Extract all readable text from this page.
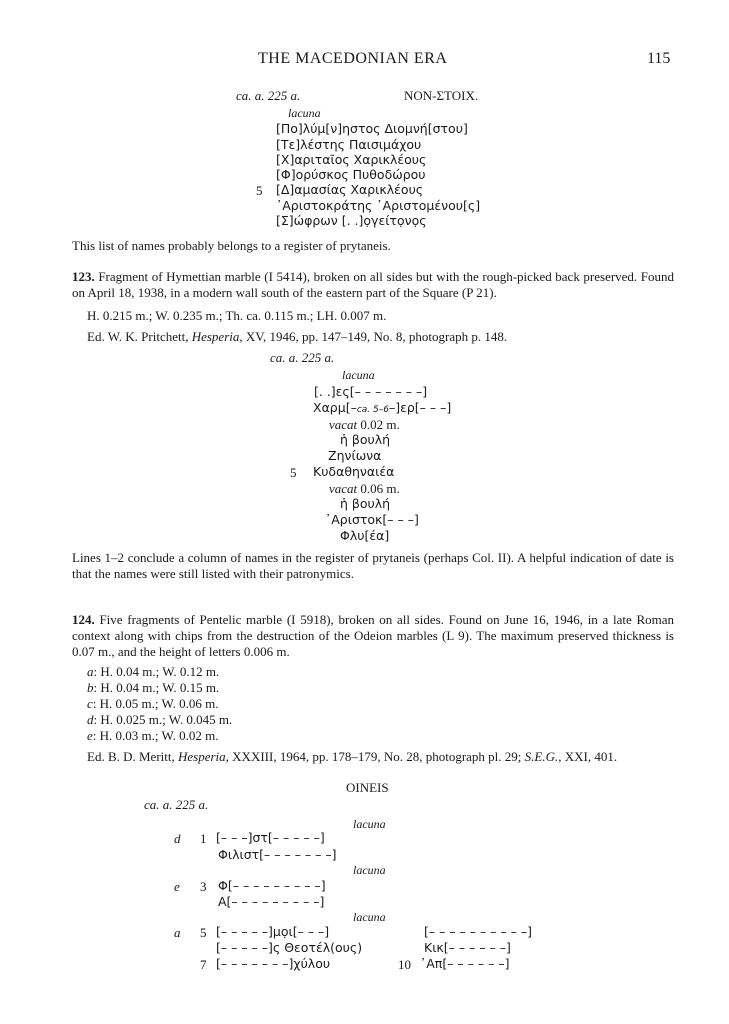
THE MACEDONIAN ERA	115
ca. a. 225 a.	NON-ΣΤΟΙΧ.
lacuna
[Πο]λύμ[ν]ηστος Διομνή[στου]
[Τε]λέστης Παισιμάχου
[Χ]αριταῖος Χαρικλέους
[Φ]ορύσκος Πυθοδώρου
5 [Δ]αμασίας Χαρικλέους
᾿Αριστοκράτης ᾿Αριστομένου[ς]
[Σ]ώφρων [. .]ọγείτọνọς
This list of names probably belongs to a register of prytaneis.
123. Fragment of Hymettian marble (I 5414), broken on all sides but with the rough-picked back preserved. Found on April 18, 1938, in a modern wall south of the eastern part of the Square (P 21).
H. 0.215 m.; W. 0.235 m.; Th. ca. 0.115 m.; LH. 0.007 m.
Ed. W. K. Pritchett, Hesperia, XV, 1946, pp. 147–149, No. 8, photograph p. 148.
ca. a. 225 a.
lacuna
[. .]ες[– – – – – – –]
Χαρμ[–ca. 5–6–]ερ[– – –]
vacat 0.02 m.
ἡ βουλή
Ζηνίωνα
5 Κυδαθηναιέα
vacat 0.06 m.
ἡ βουλή
᾿Αριστοκ[– – –]
Φλυ[έα]
Lines 1–2 conclude a column of names in the register of prytaneis (perhaps Col. II). A helpful indication of date is that the names were still listed with their patronymics.
124. Five fragments of Pentelic marble (I 5918), broken on all sides. Found on June 16, 1946, in a late Roman context along with chips from the destruction of the Odeion marbles (L 9). The maximum preserved thickness is 0.07 m., and the height of letters 0.006 m.
a: H. 0.04 m.; W. 0.12 m.
b: H. 0.04 m.; W. 0.15 m.
c: H. 0.05 m.; W. 0.06 m.
d: H. 0.025 m.; W. 0.045 m.
e: H. 0.03 m.; W. 0.02 m.
Ed. B. D. Meritt, Hesperia, XXXIII, 1964, pp. 178–179, No. 28, photograph pl. 29; S.E.G., XXI, 401.
OINEIS
ca. a. 225 a.
lacuna
d 1 [– – –]στ[– – – – –]
Φιλιστ[– – – – – – –]
lacuna
e 3 Φ[– – – – – – – – –]
Α[– – – – – – – – –]
lacuna
a 5 [– – – – –]μọι[– – –]
[– – – – –]ς Θεοτέλ(ους)
7 [– – – – – – –]χύλου
[– – – – – – – – – –]
Κικ[– – – – – –]
10 ᾿Απ[– – – – – –]
